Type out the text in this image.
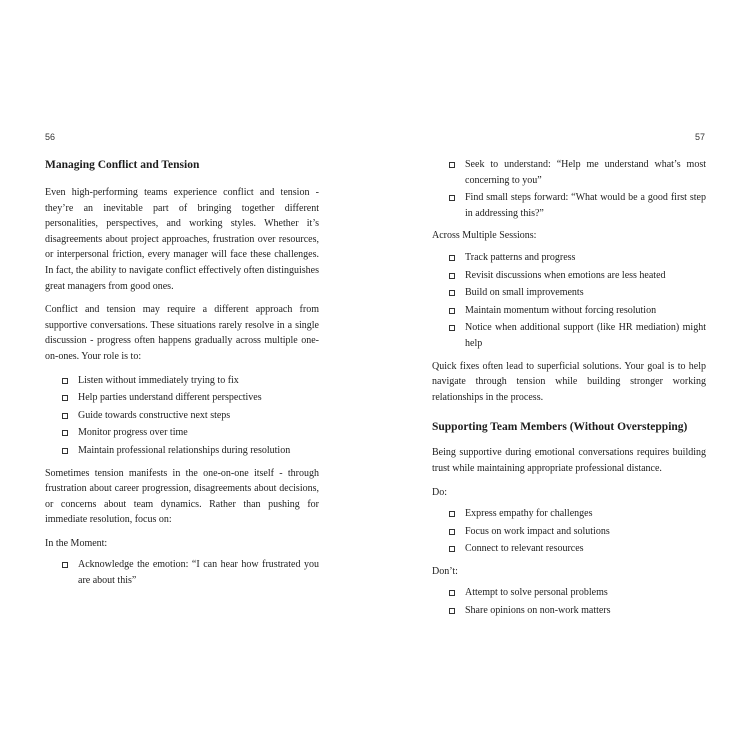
56
Managing Conflict and Tension

Even high-performing teams experience conflict and tension - they’re an inevitable part of bringing together different personalities, perspectives, and working styles. Whether it’s disagreements about project approaches, frustration over resources, or interpersonal friction, every manager will face these challenges. In fact, the ability to navigate conflict effectively often distinguishes great managers from good ones.

Conflict and tension may require a different approach from supportive conversations. These situations rarely resolve in a single discussion - progress often happens gradually across multiple one-on-ones. Your role is to:

Listen without immediately trying to fix
Help parties understand different perspectives
Guide towards constructive next steps
Monitor progress over time
Maintain professional relationships during resolution

Sometimes tension manifests in the one-on-one itself - through frustration about career progression, disagreements about decisions, or concerns about team dynamics. Rather than pushing for immediate resolution, focus on:

In the Moment:

Acknowledge the emotion: “I can hear how frustrated you are about this”
57
Seek to understand: “Help me understand what’s most concerning to you”
Find small steps forward: “What would be a good first step in addressing this?”

Across Multiple Sessions:

Track patterns and progress
Revisit discussions when emotions are less heated
Build on small improvements
Maintain momentum without forcing resolution
Notice when additional support (like HR mediation) might help

Quick fixes often lead to superficial solutions. Your goal is to help navigate through tension while building stronger working relationships in the process.

Supporting Team Members (Without Overstepping)

Being supportive during emotional conversations requires building trust while maintaining appropriate professional distance.

Do:

Express empathy for challenges
Focus on work impact and solutions
Connect to relevant resources

Don’t:

Attempt to solve personal problems
Share opinions on non-work matters
